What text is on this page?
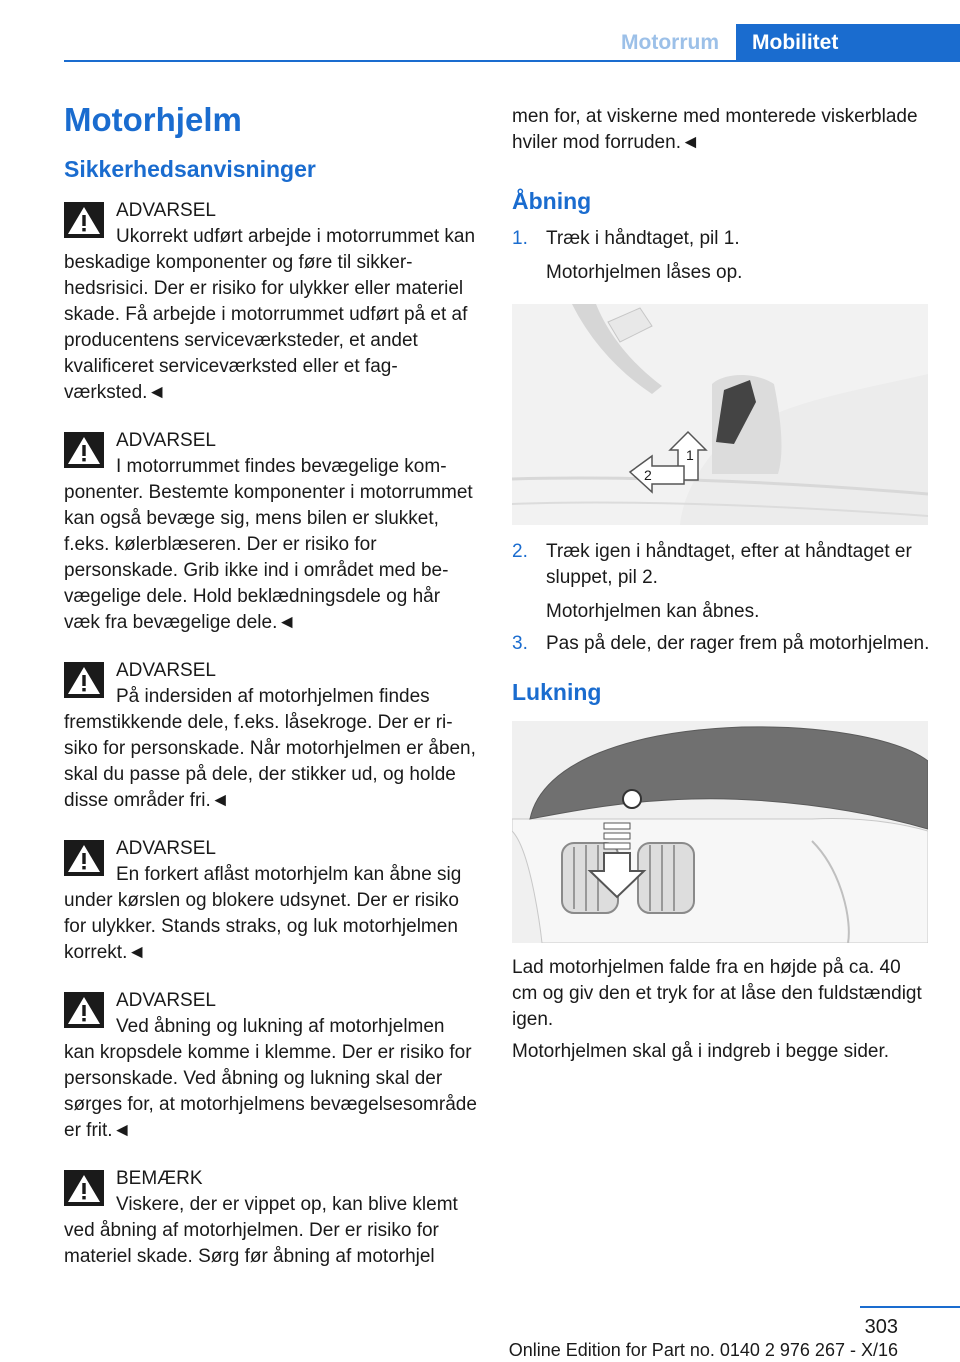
Motorrum	Mobilitet
Motorhjelm
Sikkerhedsanvisninger
ADVARSEL
Ukorrekt udført arbejde i motorrummet kan beskadige komponenter og føre til sikkerhedsrisici. Der er risiko for ulykker eller materiel skade. Få arbejde i motorrummet udført på et af producentens serviceværksteder, et andet kvalificeret serviceværksted eller et fagværksted.◄
ADVARSEL
I motorrummet findes bevægelige komponenter. Bestemte komponenter i motorrummet kan også bevæge sig, mens bilen er slukket, f.eks. kølerblæseren. Der er risiko for personskade. Grib ikke ind i området med bevægelige dele. Hold beklædningsdele og hår væk fra bevægelige dele.◄
ADVARSEL
På indersiden af motorhjelmen findes fremstikkende dele, f.eks. låsekroge. Der er risiko for personskade. Når motorhjelmen er åben, skal du passe på dele, der stikker ud, og holde disse områder fri.◄
ADVARSEL
En forkert aflåst motorhjelm kan åbne sig under kørslen og blokere udsynet. Der er risiko for ulykker. Stands straks, og luk motorhjelmen korrekt.◄
ADVARSEL
Ved åbning og lukning af motorhjelmen kan kropsdele komme i klemme. Der er risiko for personskade. Ved åbning og lukning skal der sørges for, at motorhjelmens bevægelsesområde er frit.◄
BEMÆRK
Viskere, der er vippet op, kan blive klemt ved åbning af motorhjelmen. Der er risiko for materiel skade. Sørg før åbning af motorhjel
men for, at viskerne med monterede viskerblade hviler mod forruden.◄
Åbning
1. Træk i håndtaget, pil 1.
Motorhjelmen låses op.
1
2
2. Træk igen i håndtaget, efter at håndtaget er sluppet, pil 2.
Motorhjelmen kan åbnes.
3. Pas på dele, der rager frem på motorhjelmen.
Lukning
Lad motorhjelmen falde fra en højde på ca. 40 cm og giv den et tryk for at låse den fuldstændigt igen.
Motorhjelmen skal gå i indgreb i begge sider.
303
Online Edition for Part no. 0140 2 976 267 - X/16
